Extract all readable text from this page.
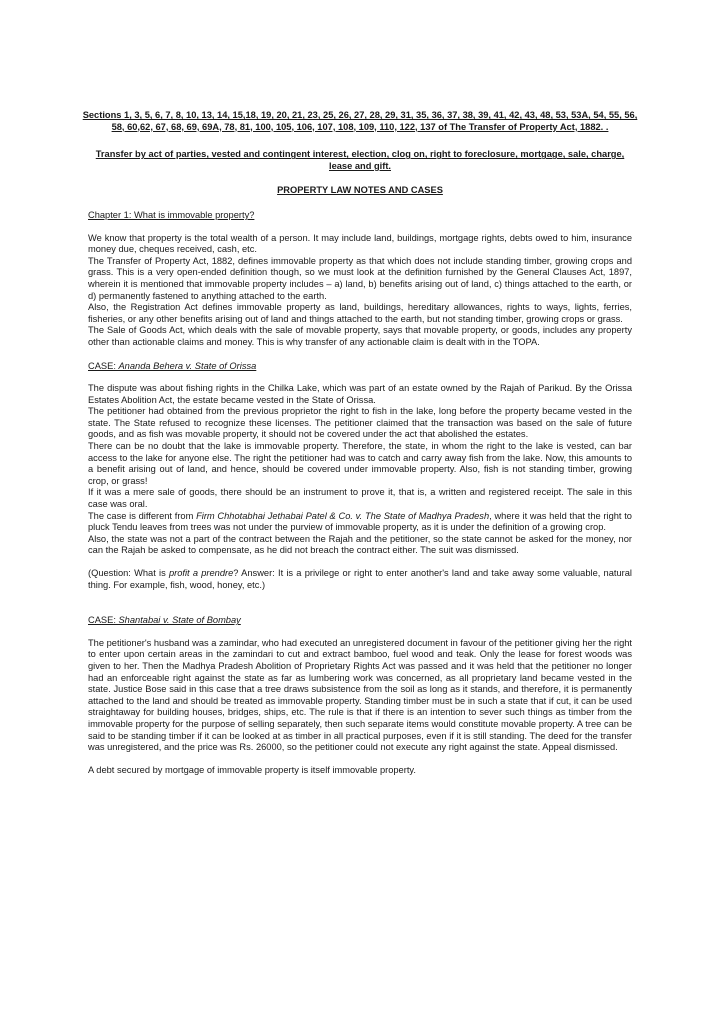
Sections 1, 3, 5, 6, 7, 8, 10, 13, 14, 15,18, 19, 20, 21, 23, 25, 26, 27, 28, 29, 31, 35, 36, 37, 38, 39, 41, 42, 43, 48, 53, 53A, 54, 55, 56, 58, 60,62, 67, 68, 69, 69A, 78, 81, 100, 105, 106, 107, 108, 109, 110, 122, 137 of The Transfer of Property Act, 1882. .

Transfer by act of parties, vested and contingent interest, election, clog on, right to foreclosure, mortgage, sale, charge, lease and gift.

PROPERTY LAW NOTES AND CASES

Chapter 1: What is immovable property?

We know that property is the total wealth of a person. It may include land, buildings, mortgage rights, debts owed to him, insurance money due, cheques received, cash, etc.

The Transfer of Property Act, 1882, defines immovable property as that which does not include standing timber, growing crops and grass. This is a very open-ended definition though, so we must look at the definition furnished by the General Clauses Act, 1897, wherein it is mentioned that immovable property includes – a) land, b) benefits arising out of land, c) things attached to the earth, or d) permanently fastened to anything attached to the earth.

Also, the Registration Act defines immovable property as land, buildings, hereditary allowances, rights to ways, lights, ferries, fisheries, or any other benefits arising out of land and things attached to the earth, but not standing timber, growing crops or grass.

The Sale of Goods Act, which deals with the sale of movable property, says that movable property, or goods, includes any property other than actionable claims and money. This is why transfer of any actionable claim is dealt with in the TOPA.

CASE: Ananda Behera v. State of Orissa

The dispute was about fishing rights in the Chilka Lake, which was part of an estate owned by the Rajah of Parikud. By the Orissa Estates Abolition Act, the estate became vested in the State of Orissa.

The petitioner had obtained from the previous proprietor the right to fish in the lake, long before the property became vested in the state. The State refused to recognize these licenses. The petitioner claimed that the transaction was based on the sale of future goods, and as fish was movable property, it should not be covered under the act that abolished the estates.

There can be no doubt that the lake is immovable property. Therefore, the state, in whom the right to the lake is vested, can bar access to the lake for anyone else. The right the petitioner had was to catch and carry away fish from the lake. Now, this amounts to a benefit arising out of land, and hence, should be covered under immovable property. Also, fish is not standing timber, growing crop, or grass!

If it was a mere sale of goods, there should be an instrument to prove it, that is, a written and registered receipt. The sale in this case was oral.

The case is different from Firm Chhotabhai Jethabai Patel & Co. v. The State of Madhya Pradesh, where it was held that the right to pluck Tendu leaves from trees was not under the purview of immovable property, as it is under the definition of a growing crop.

Also, the state was not a part of the contract between the Rajah and the petitioner, so the state cannot be asked for the money, nor can the Rajah be asked to compensate, as he did not breach the contract either. The suit was dismissed.

(Question: What is profit a prendre? Answer: It is a privilege or right to enter another's land and take away some valuable, natural thing. For example, fish, wood, honey, etc.)

CASE: Shantabai v. State of Bombay

The petitioner's husband was a zamindar, who had executed an unregistered document in favour of the petitioner giving her the right to enter upon certain areas in the zamindari to cut and extract bamboo, fuel wood and teak. Only the lease for forest woods was given to her. Then the Madhya Pradesh Abolition of Proprietary Rights Act was passed and it was held that the petitioner no longer had an enforceable right against the state as far as lumbering work was concerned, as all proprietary land became vested in the state. Justice Bose said in this case that a tree draws subsistence from the soil as long as it stands, and therefore, it is permanently attached to the land and should be treated as immovable property. Standing timber must be in such a state that if cut, it can be used straightaway for building houses, bridges, ships, etc. The rule is that if there is an intention to sever such things as timber from the immovable property for the purpose of selling separately, then such separate items would constitute movable property. A tree can be said to be standing timber if it can be looked at as timber in all practical purposes, even if it is still standing. The deed for the transfer was unregistered, and the price was Rs. 26000, so the petitioner could not execute any right against the state. Appeal dismissed.

A debt secured by mortgage of immovable property is itself immovable property.
